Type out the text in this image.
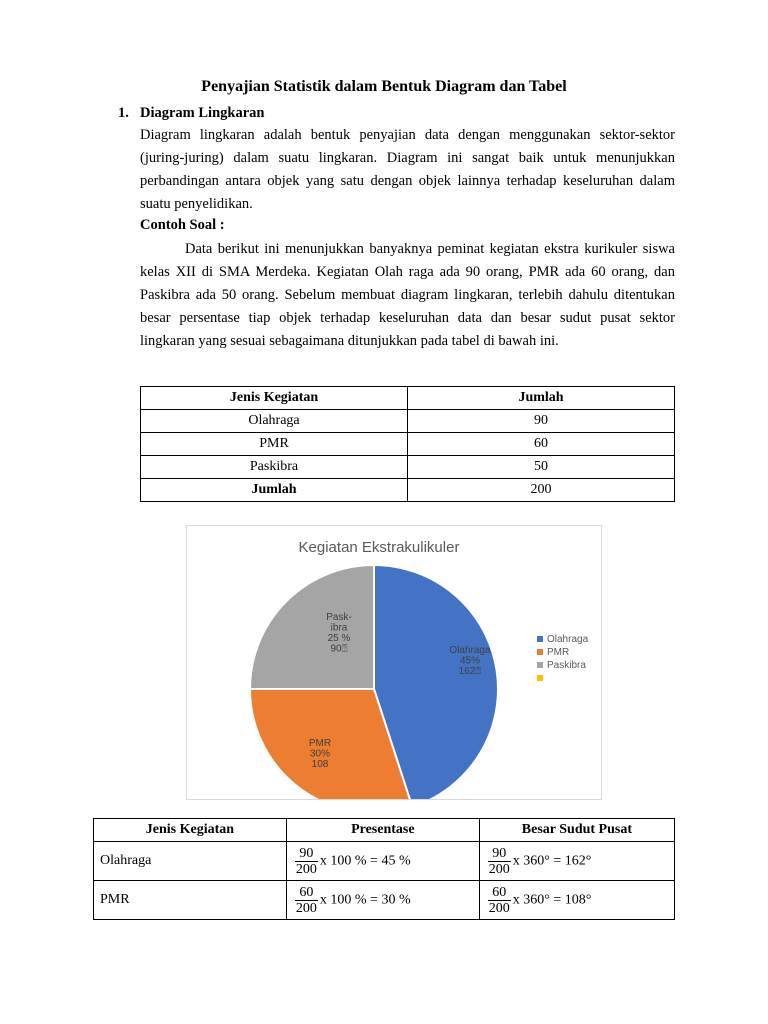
Penyajian Statistik dalam Bentuk Diagram dan Tabel
1. Diagram Lingkaran

Diagram lingkaran adalah bentuk penyajian data dengan menggunakan sektor-sektor (juring-juring) dalam suatu lingkaran. Diagram ini sangat baik untuk menunjukkan perbandingan antara objek yang satu dengan objek lainnya terhadap keseluruhan dalam suatu penyelidikan.

Contoh Soal :

Data berikut ini menunjukkan banyaknya peminat kegiatan ekstra kurikuler siswa kelas XII di SMA Merdeka. Kegiatan Olah raga ada 90 orang, PMR ada 60 orang, dan Paskibra ada 50 orang. Sebelum membuat diagram lingkaran, terlebih dahulu ditentukan besar persentase tiap objek terhadap keseluruhan data dan besar sudut pusat sektor lingkaran yang sesuai sebagaimana ditunjukkan pada tabel di bawah ini.

Jenis Kegiatan	Jumlah
Olahraga	90
PMR	60
Paskibra	50
Jumlah	200
Kegiatan Ekstrakulikuler
Olahraga 45% 162⍰
PMR 30% 108
Pask-ibra 25 % 90⍰
Olahraga
PMR
Paskibra
Jenis Kegiatan	Presentase	Besar Sudut Pusat
Olahraga	$\frac{90}{200}$ x 100 % = 45 %	$\frac{90}{200}$ x 360° = 162°
PMR	$\frac{60}{200}$ x 100 % = 30 %	$\frac{60}{200}$ x 360° = 108°
